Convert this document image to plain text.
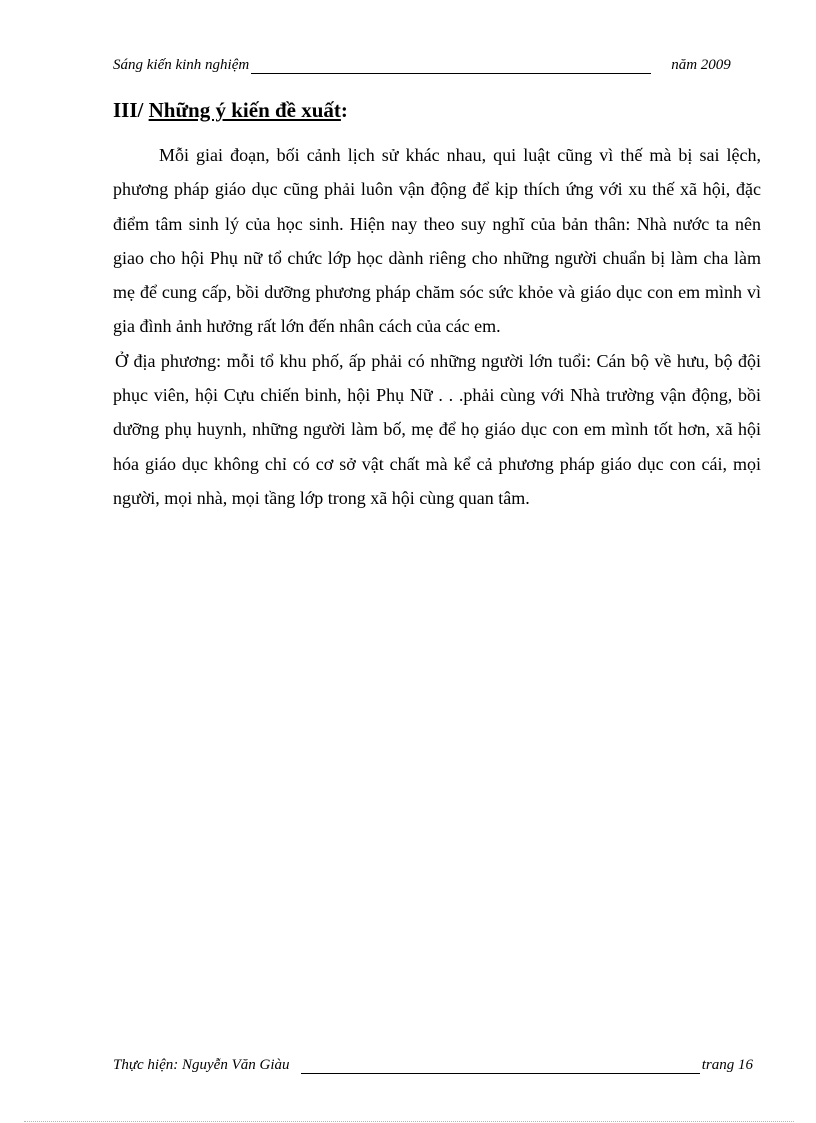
Sáng kiến kinh nghiệm	năm 2009
III/ Những ý kiến đề xuất:

Mỗi giai đoạn, bối cảnh lịch sử khác nhau, qui luật cũng vì thế mà bị sai lệch, phương pháp giáo dục cũng phải luôn vận động để kịp thích ứng với xu thế xã hội, đặc điểm tâm sinh lý của học sinh. Hiện nay theo suy nghĩ của bản thân: Nhà nước ta nên giao cho hội Phụ nữ tổ chức lớp học dành riêng cho những người chuẩn bị làm cha làm mẹ để cung cấp, bồi dưỡng phương pháp chăm sóc sức khỏe và giáo dục con em mình vì gia đình ảnh hưởng rất lớn đến nhân cách của các em.

Ở địa phương: mỗi tổ khu phố, ấp phải có những người lớn tuổi: Cán bộ về hưu, bộ đội phục viên, hội Cựu chiến binh, hội Phụ Nữ . . .phải cùng với Nhà trường vận động, bồi dưỡng phụ huynh, những người làm bố, mẹ để họ giáo dục con em mình tốt hơn, xã hội hóa giáo dục không chỉ có cơ sở vật chất mà kể cả phương pháp giáo dục con cái, mọi người, mọi nhà, mọi tầng lớp trong xã hội cùng quan tâm.

Thực hiện: Nguyễn Văn Giàu	trang 16
